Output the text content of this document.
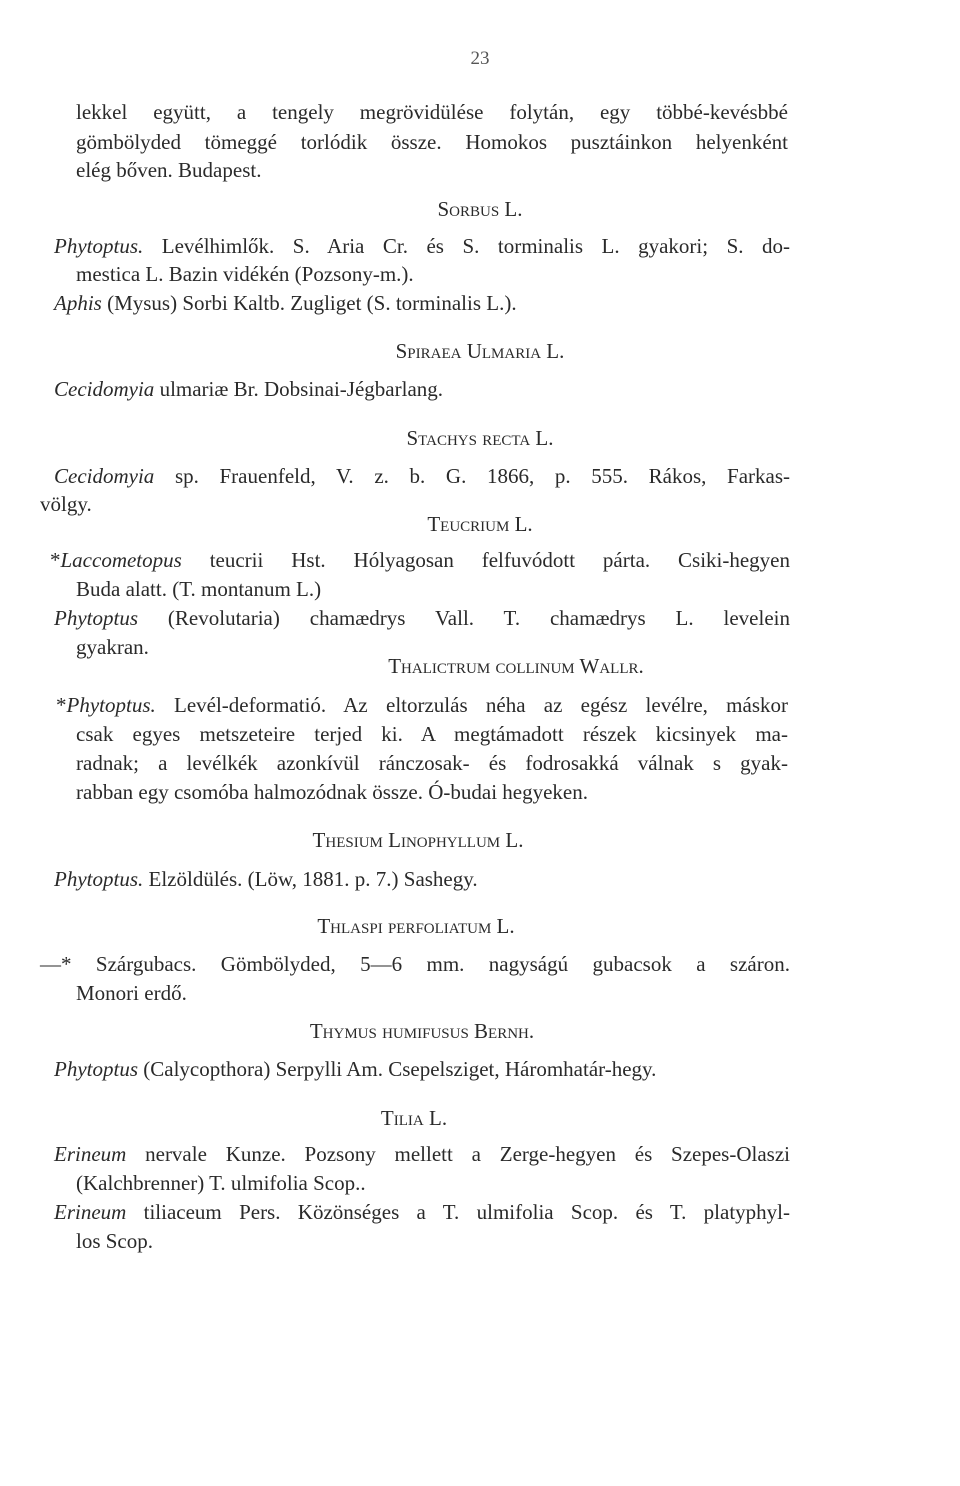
23
lekkel együtt, a tengely megrövidülése folytán, egy többé-kevésbbé
gömbölyded tömeggé torlódik össze. Homokos pusztáinkon helyenként
elég bőven. Budapest.
Sorbus L.
Phytoptus. Levélhimlők. S. Aria Cr. és S. torminalis L. gyakori; S. do-
mestica L. Bazin vidékén (Pozsony-m.).
Aphis (Mysus) Sorbi Kaltb. Zugliget (S. torminalis L.).
Spiraea Ulmaria L.
Cecidomyia ulmariæ Br. Dobsinai-Jégbarlang.
Stachys recta L.
Cecidomyia sp. Frauenfeld, V. z. b. G. 1866, p. 555. Rákos, Farkas-
völgy.
Teucrium L.
*Laccometopus teucrii Hst. Hólyagosan felfuvódott párta. Csiki-hegyen
Buda alatt. (T. montanum L.)
Phytoptus (Revolutaria) chamædrys Vall. T. chamædrys L. levelein
gyakran.
Thalictrum collinum Wallr.
*Phytoptus. Levél-deformatió. Az eltorzulás néha az egész levélre, máskor
csak egyes metszeteire terjed ki. A megtámadott részek kicsinyek ma-
radnak; a levélkék azonkívül ránczosak- és fodrosakká válnak s gyak-
rabban egy csomóba halmozódnak össze. Ó-budai hegyeken.
Thesium Linophyllum L.
Phytoptus. Elzöldülés. (Löw, 1881. p. 7.) Sashegy.
Thlaspi perfoliatum L.
—* Szárgubacs. Gömbölyded, 5—6 mm. nagyságú gubacsok a száron.
Monori erdő.
Thymus humifusus Bernh.
Phytoptus (Calycopthora) Serpylli Am. Csepelsziget, Háromhatár-hegy.
Tilia L.
Erineum nervale Kunze. Pozsony mellett a Zerge-hegyen és Szepes-Olaszi
(Kalchbrenner) T. ulmifolia Scop..
Erineum tiliaceum Pers. Közönséges a T. ulmifolia Scop. és T. platyphyl-
los Scop.
